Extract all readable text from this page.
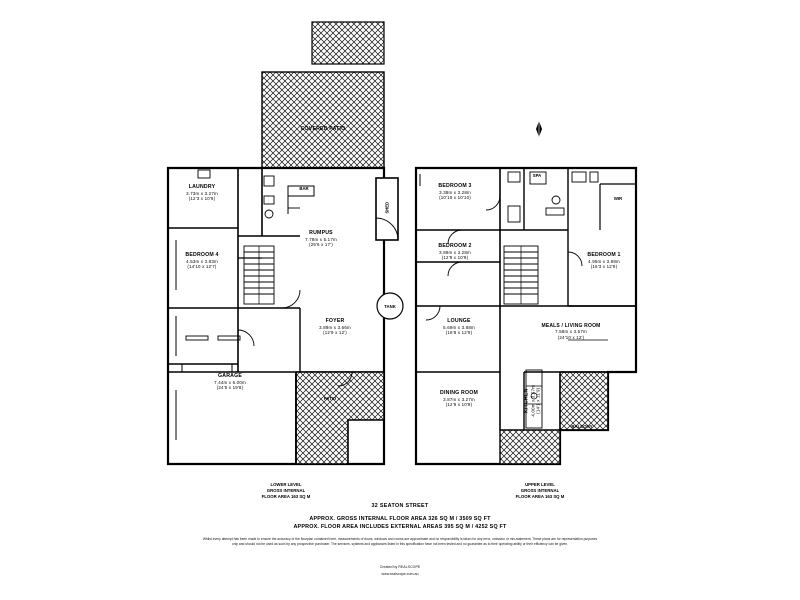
COVERED PATIO
LAUNDRY
3.73m x 3.27m
(12'3 x 10'9)
BAR
SHED
RUMPUS
7.78m x 5.17m
(25'6 x 17')
BEDROOM 4
4.53m x 3.83m
(14'10 x 12'7)
TANK
FOYER
3.89m x 3.66m
(12'9 x 12')
GARAGE
7.44m x 6.00m
(24'5 x 19'8)
PATIO
LOWER LEVEL
GROSS INTERNAL
FLOOR AREA 163 SQ M
BEDROOM 3
3.38m x 3.28m
(10'10 x 10'10)
SPA
WIR
BEDROOM 2
3.89m x 3.28m
(12'9 x 10'9)	BEDROOM 1
4.95m x 3.88m
(16'3 x 12'9)
LOUNGE
5.69m x 3.88m
(18'8 x 12'9)
MEALS / LIVING ROOM
7.58m x 3.67m
(24'10 x 12')
DINING ROOM
3.87m x 3.27m
(12'9 x 10'9)	KITCHEN 4.00m x 3.57m (14'1 x 11'9)
BALCONY
UPPER LEVEL
GROSS INTERNAL
FLOOR AREA 163 SQ M
32 SEATON STREET
APPROX. GROSS INTERNAL FLOOR AREA 326 SQ M / 3509 SQ FT
APPROX. FLOOR AREA INCLUDES EXTERNAL AREAS 395 SQ M / 4252 SQ FT
Whilst every attempt has been made to ensure the accuracy of the floorplan contained here, measurements of doors, windows and rooms are approximate and no responsibility is taken for any error, omission or mis-statement. These plans are for representation purposes only and should not be used as such by any prospective purchaser. The services, systems and appliances listed in this specification have not been tested and no guarantee as to their operating ability or their efficiency can be given.
Created by REALSCOPE
www.realscope.com.au
